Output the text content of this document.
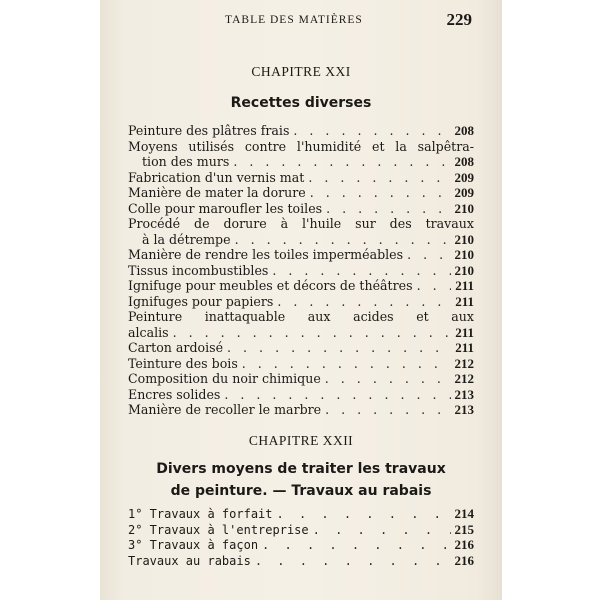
TABLE DES MATIÈRES	229
CHAPITRE XXI
Recettes diverses
Peinture des plâtres frais . . .	208
Moyens utilisés contre l'humidité et la salpêtra-
tion des murs . . .	208
Fabrication d'un vernis mat . . .	209
Manière de mater la dorure . . .	209
Colle pour maroufler les toiles . . .	210
Procédé de dorure à l'huile sur des travaux
à la détrempe . . .	210
Manière de rendre les toiles imperméables . . .	210
Tissus incombustibles . . .	210
Ignifuge pour meubles et décors de théâtres . . .	211
Ignifuges pour papiers . . .	211
Peinture inattaquable aux acides et aux
alcalis . . .	211
Carton ardoisé . . .	211
Teinture des bois . . .	212
Composition du noir chimique . . .	212
Encres solides . . .	213
Manière de recoller le marbre . . .	213
CHAPITRE XXII
Divers moyens de traiter les travaux
de peinture. — Travaux au rabais
1° Travaux à forfait . . .	214
2° Travaux à l'entreprise . . .	215
3° Travaux à façon . . .	216
Travaux au rabais . . .	216
